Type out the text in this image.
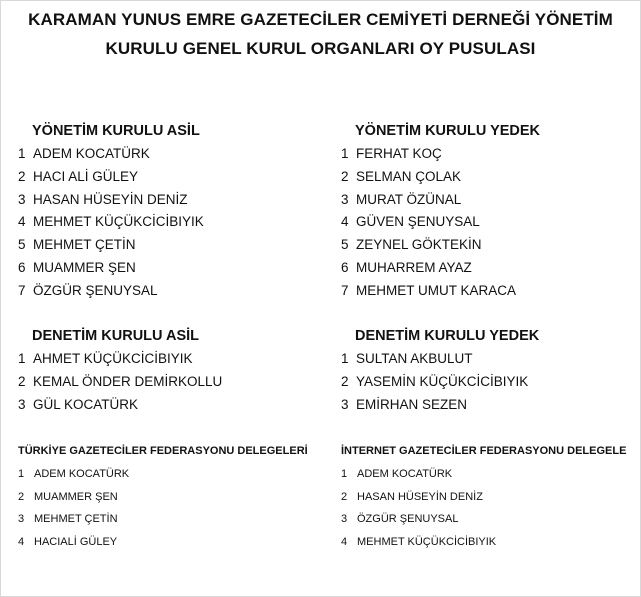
KARAMAN YUNUS EMRE GAZETECİLER CEMİYETİ DERNEĞİ YÖNETİM
KURULU GENEL KURUL ORGANLARI OY PUSULASI
YÖNETİM KURULU ASİL
1 ADEM KOCATÜRK
2 HACI ALİ GÜLEY
3 HASAN HÜSEYİN DENİZ
4 MEHMET KÜÇÜKCİCİBIYIK
5 MEHMET ÇETİN
6 MUAMMER ŞEN
7 ÖZGÜR ŞENUYSAL
YÖNETİM KURULU YEDEK
1 FERHAT KOÇ
2 SELMAN ÇOLAK
3 MURAT ÖZÜNAL
4 GÜVEN ŞENUYSAL
5 ZEYNEL GÖKTEKİN
6 MUHARREM AYAZ
7 MEHMET UMUT KARACA
DENETİM KURULU ASİL
1 AHMET KÜÇÜKCİCİBIYIK
2 KEMAL ÖNDER DEMİRKOLLU
3 GÜL KOCATÜRK
DENETİM KURULU YEDEK
1 SULTAN AKBULUT
2 YASEMİN KÜÇÜKCİCİBIYIK
3 EMİRHAN SEZEN
TÜRKİYE GAZETECİLER FEDERASYONU DELEGELERİ
1 ADEM KOCATÜRK
2 MUAMMER ŞEN
3 MEHMET ÇETİN
4 HACIALİ GÜLEY
İNTERNET GAZETECİLER FEDERASYONU DELEGELE
1 ADEM KOCATÜRK
2 HASAN HÜSEYİN DENİZ
3 ÖZGÜR ŞENUYSAL
4 MEHMET KÜÇÜKCİCİBIYIK
